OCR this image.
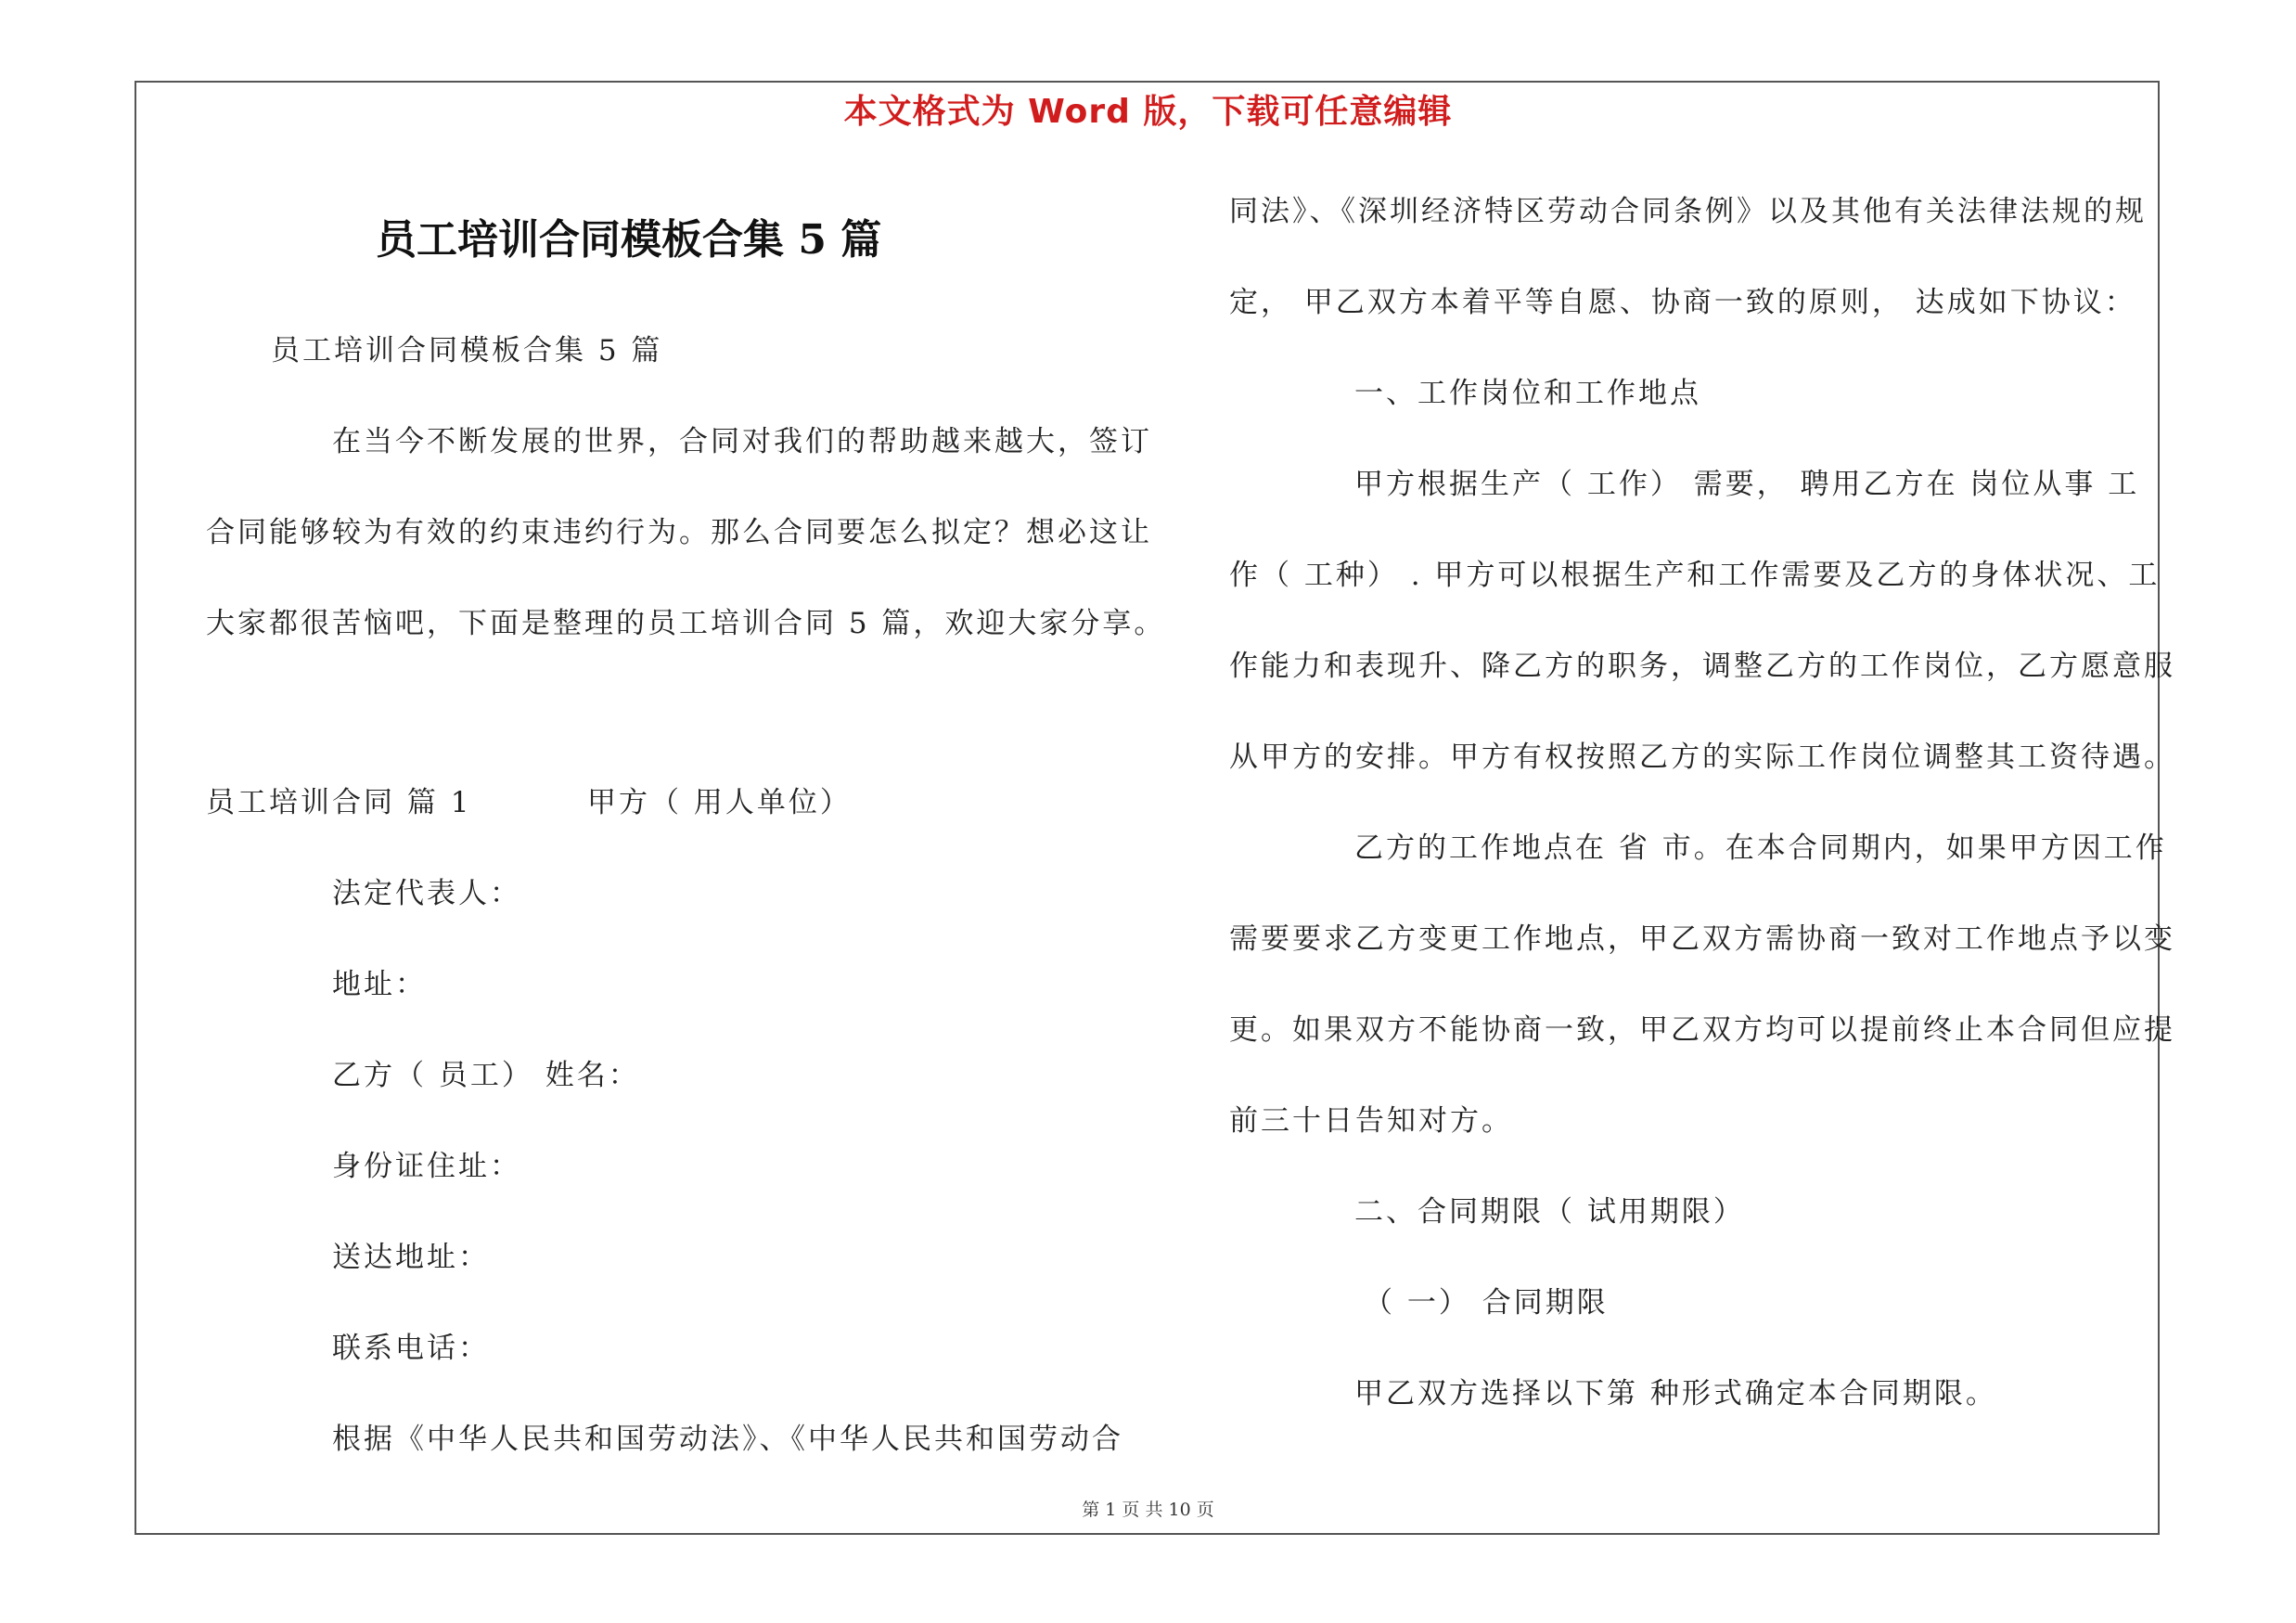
本文格式为 Word 版，下载可任意编辑
员工培训合同模板合集 5 篇
员工培训合同模板合集 5 篇
在当今不断发展的世界，合同对我们的帮助越来越大，签订
合同能够较为有效的约束违约行为。那么合同要怎么拟定？想必这让
大家都很苦恼吧，下面是整理的员工培训合同 5 篇，欢迎大家分享。
员工培训合同 篇 1	甲方（ 用人单位）
法定代表人：
地址：
乙方（ 员工） 姓名：
身份证住址：
送达地址：
联系电话：
根据《中华人民共和国劳动法》、《中华人民共和国劳动合
同法》、《深圳经济特区劳动合同条例》以及其他有关法律法规的规
定， 甲乙双方本着平等自愿、协商一致的原则， 达成如下协议：
一、工作岗位和工作地点
甲方根据生产（ 工作） 需要， 聘用乙方在 岗位从事 工
作（ 工种） . 甲方可以根据生产和工作需要及乙方的身体状况、工
作能力和表现升、降乙方的职务，调整乙方的工作岗位，乙方愿意服
从甲方的安排。甲方有权按照乙方的实际工作岗位调整其工资待遇。
乙方的工作地点在 省 市。在本合同期内，如果甲方因工作
需要要求乙方变更工作地点，甲乙双方需协商一致对工作地点予以变
更。如果双方不能协商一致，甲乙双方均可以提前终止本合同但应提
前三十日告知对方。
二、合同期限（ 试用期限）
（ 一） 合同期限
甲乙双方选择以下第 种形式确定本合同期限。
第 1 页 共 10 页
